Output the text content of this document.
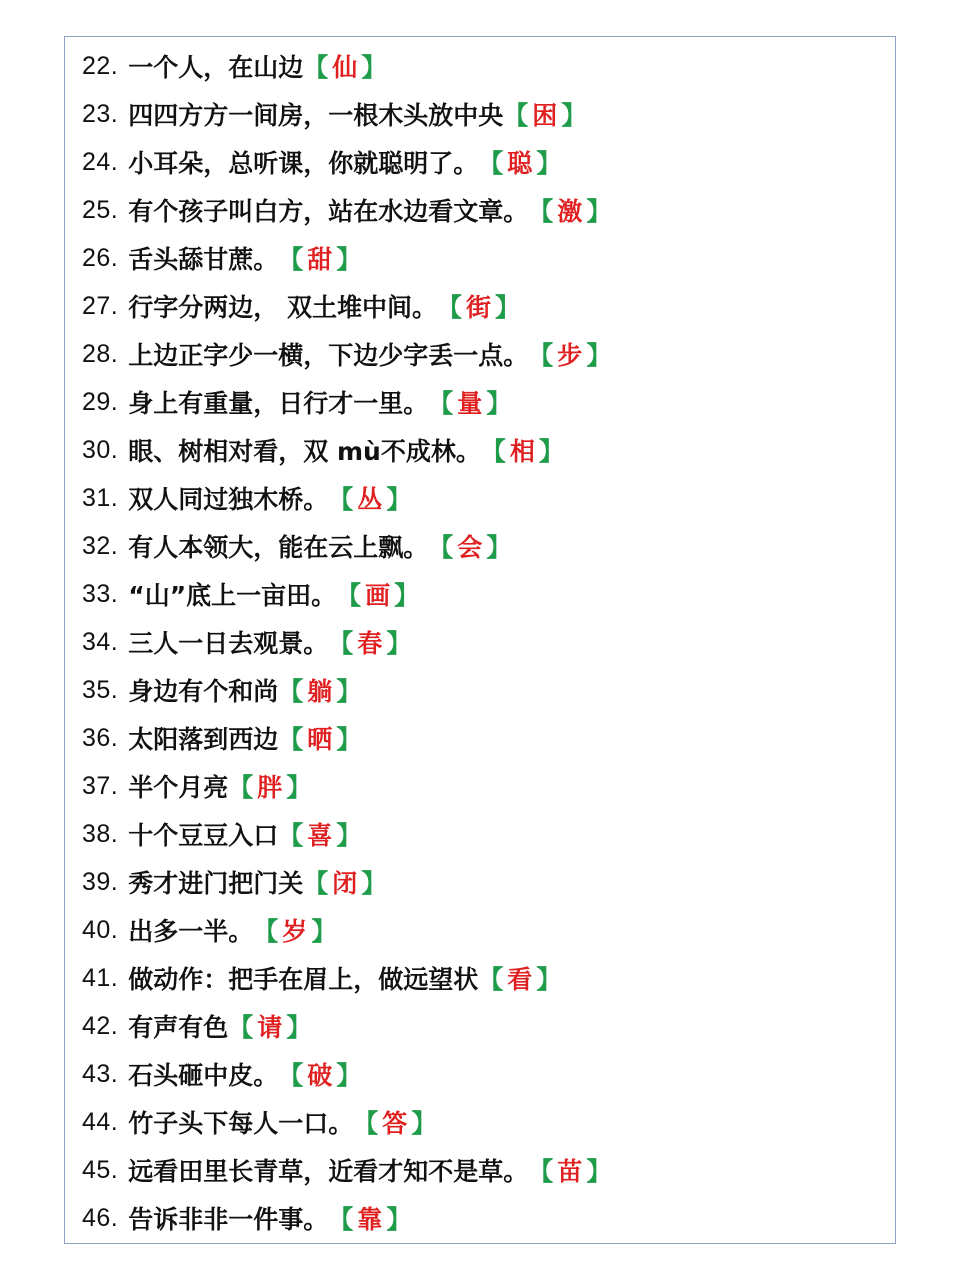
22. 一个人，在山边 【 仙 】
23. 四四方方一间房，一根木头放中央 【 困 】
24. 小耳朵，总听课，你就聪明了。 【 聪 】
25. 有个孩子叫白方，站在水边看文章。 【 激 】
26. 舌头舔甘蔗。 【 甜 】
27. 行字分两边， 双土堆中间。 【 街 】
28. 上边正字少一横，下边少字丢一点。 【 步 】
29. 身上有重量，日行才一里。 【 量 】
30. 眼、树相对看，双 mù不成林。 【 相 】
31. 双人同过独木桥。 【 丛 】
32. 有人本领大，能在云上飘。 【 会 】
33. “山”底上一亩田。 【 画 】
34. 三人一日去观景。 【 春 】
35. 身边有个和尚 【 躺 】
36. 太阳落到西边 【 晒 】
37. 半个月亮 【 胖 】
38. 十个豆豆入口 【 喜 】
39. 秀才进门把门关 【 闭 】
40. 出多一半。 【 岁 】
41. 做动作：把手在眉上，做远望状 【 看 】
42. 有声有色 【 请 】
43. 石头砸中皮。 【 破 】
44. 竹子头下每人一口。 【 答 】
45. 远看田里长青草，近看才知不是草。 【 苗 】
46. 告诉非非一件事。 【 靠 】
